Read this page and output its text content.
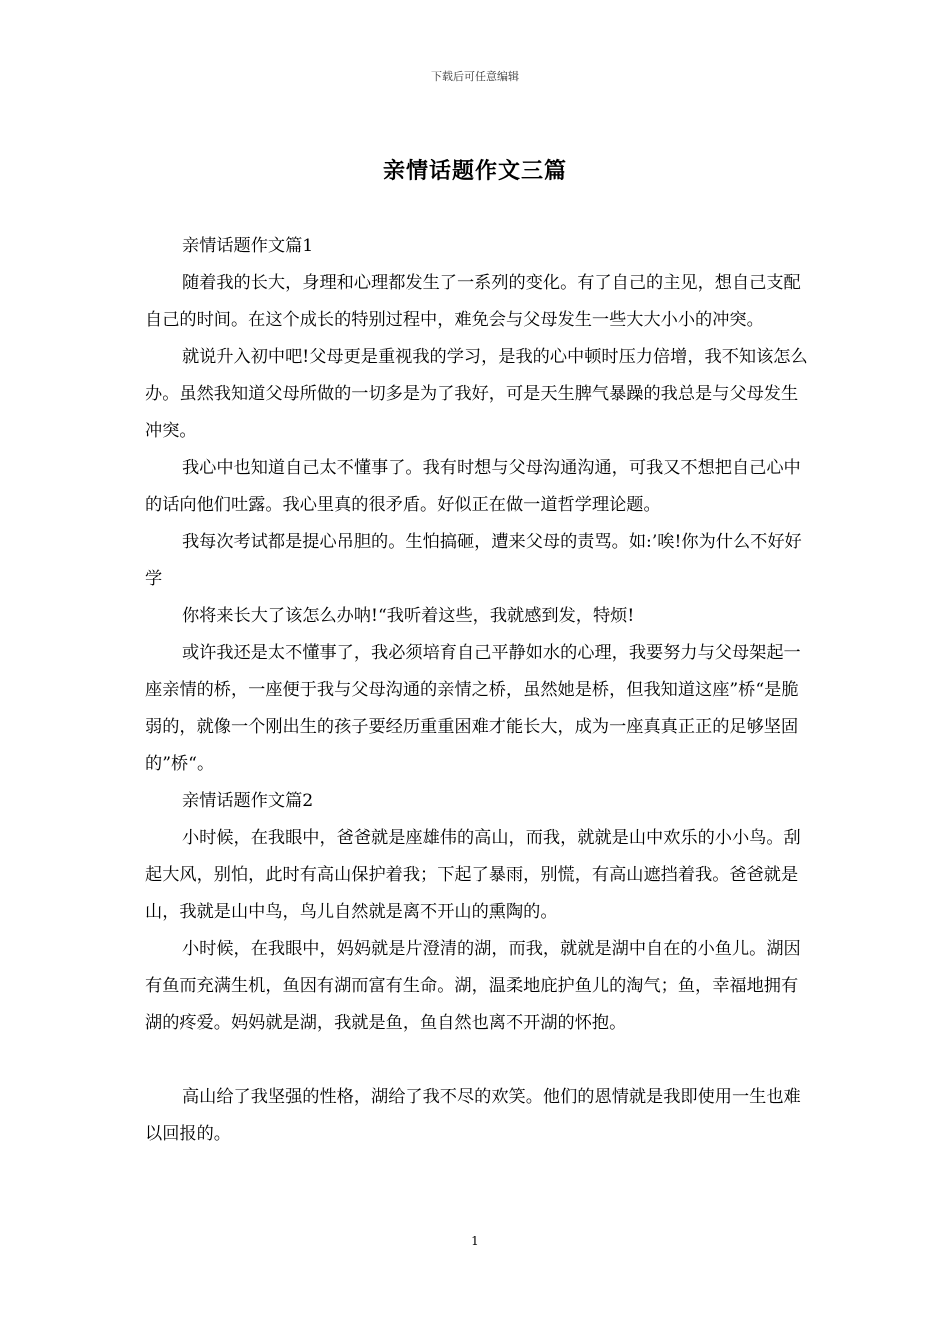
下载后可任意编辑
亲情话题作文三篇

亲情话题作文篇1

随着我的长大，身理和心理都发生了一系列的变化。有了自己的主见，想自己支配自己的时间。在这个成长的特别过程中，难免会与父母发生一些大大小小的冲突。

就说升入初中吧!父母更是重视我的学习，是我的心中顿时压力倍增，我不知该怎么办。虽然我知道父母所做的一切多是为了我好，可是天生脾气暴躁的我总是与父母发生冲突。

我心中也知道自己太不懂事了。我有时想与父母沟通沟通，可我又不想把自己心中的话向他们吐露。我心里真的很矛盾。好似正在做一道哲学理论题。

我每次考试都是提心吊胆的。生怕搞砸，遭来父母的责骂。如:’唉!你为什么不好好学

你将来长大了该怎么办呐!“我听着这些，我就感到发，特烦!

或许我还是太不懂事了，我必须培育自己平静如水的心理，我要努力与父母架起一座亲情的桥，一座便于我与父母沟通的亲情之桥，虽然她是桥，但我知道这座”桥“是脆弱的，就像一个刚出生的孩子要经历重重困难才能长大，成为一座真真正正的足够坚固的”桥“。

亲情话题作文篇2

小时候，在我眼中，爸爸就是座雄伟的高山，而我，就就是山中欢乐的小小鸟。刮起大风，别怕，此时有高山保护着我；下起了暴雨，别慌，有高山遮挡着我。爸爸就是山，我就是山中鸟，鸟儿自然就是离不开山的熏陶的。

小时候，在我眼中，妈妈就是片澄清的湖，而我，就就是湖中自在的小鱼儿。湖因有鱼而充满生机，鱼因有湖而富有生命。湖，温柔地庇护鱼儿的淘气；鱼，幸福地拥有湖的疼爱。妈妈就是湖，我就是鱼，鱼自然也离不开湖的怀抱。

高山给了我坚强的性格，湖给了我不尽的欢笑。他们的恩情就是我即使用一生也难以回报的。

1
